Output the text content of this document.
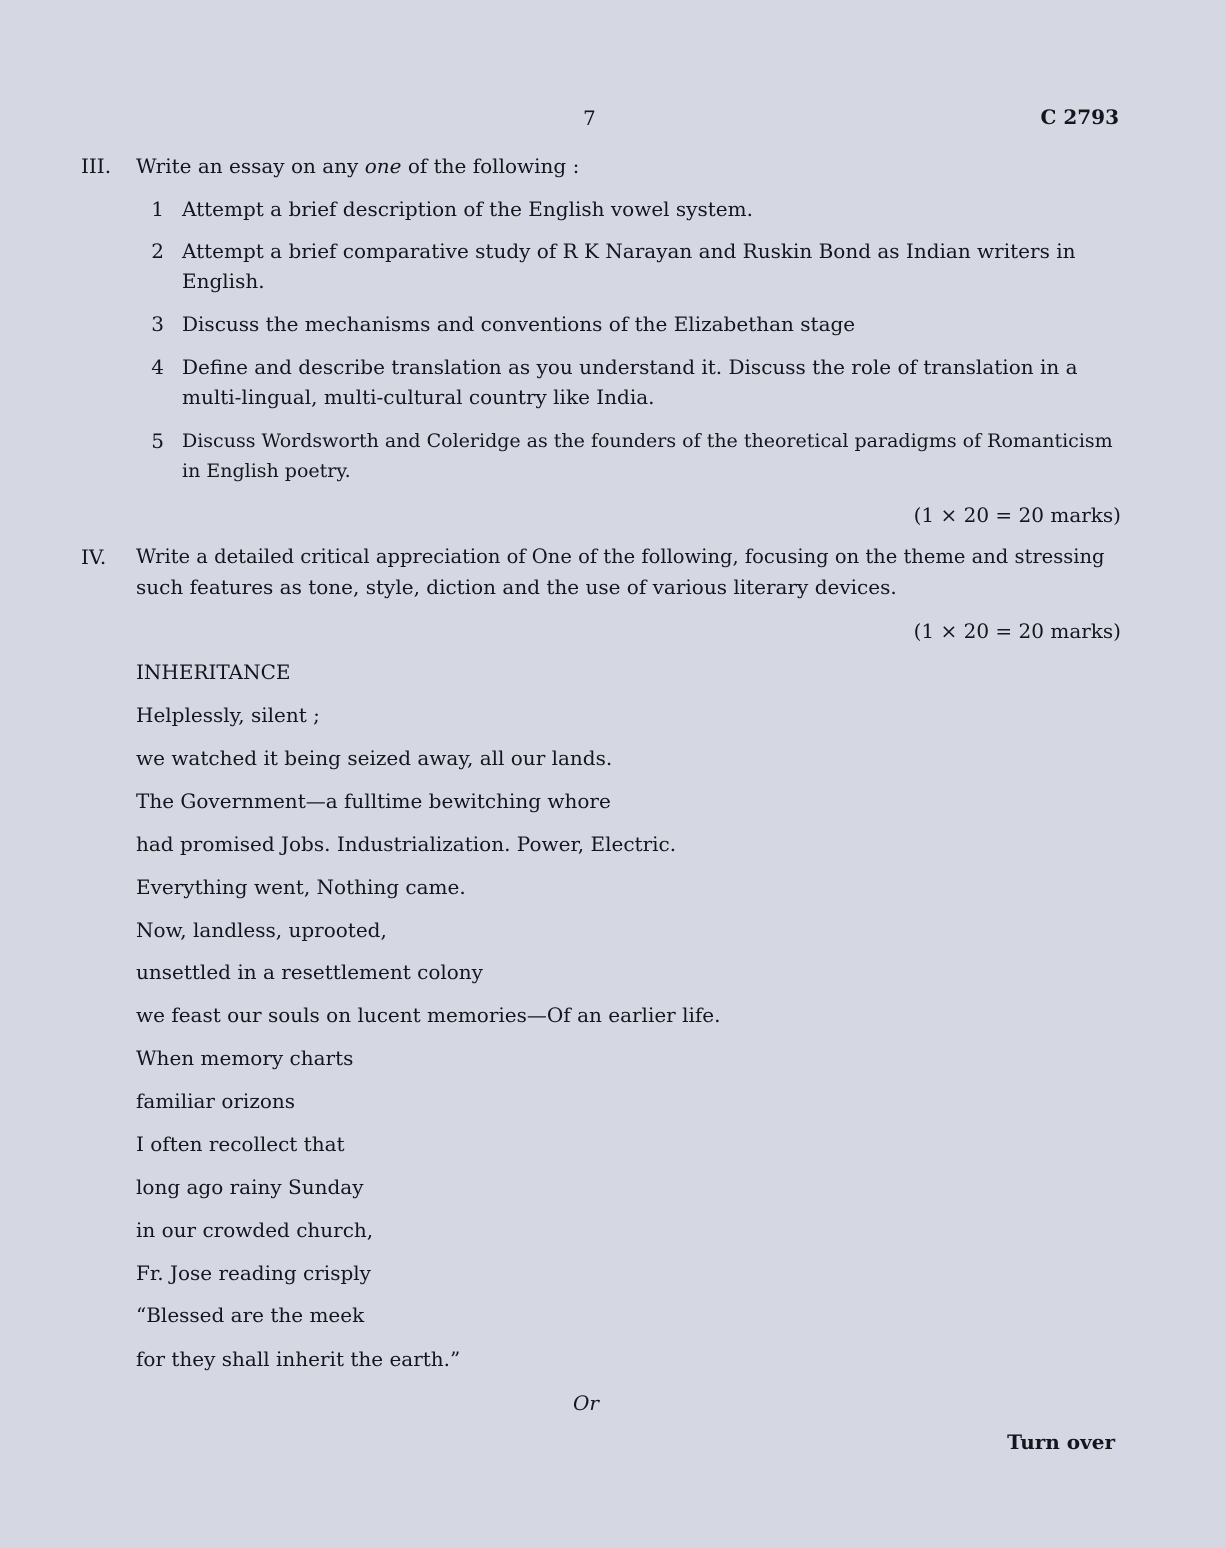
7	C 2793
III. Write an essay on any one of the following :
1 Attempt a brief description of the English vowel system.
2 Attempt a brief comparative study of R K Narayan and Ruskin Bond as Indian writers in
English.
3 Discuss the mechanisms and conventions of the Elizabethan stage
4 Define and describe translation as you understand it. Discuss the role of translation in a
multi-lingual, multi-cultural country like India.
5 Discuss Wordsworth and Coleridge as the founders of the theoretical paradigms of Romanticism
in English poetry.
(1 × 20 = 20 marks)
IV. Write a detailed critical appreciation of One of the following, focusing on the theme and stressing
such features as tone, style, diction and the use of various literary devices.
(1 × 20 = 20 marks)
INHERITANCE
Helplessly, silent ;
we watched it being seized away, all our lands.
The Government—a fulltime bewitching whore
had promised Jobs. Industrialization. Power, Electric.
Everything went, Nothing came.
Now, landless, uprooted,
unsettled in a resettlement colony
we feast our souls on lucent memories—Of an earlier life.
When memory charts
familiar orizons
I often recollect that
long ago rainy Sunday
in our crowded church,
Fr. Jose reading crisply
“Blessed are the meek
for they shall inherit the earth.”
Or
Turn over
